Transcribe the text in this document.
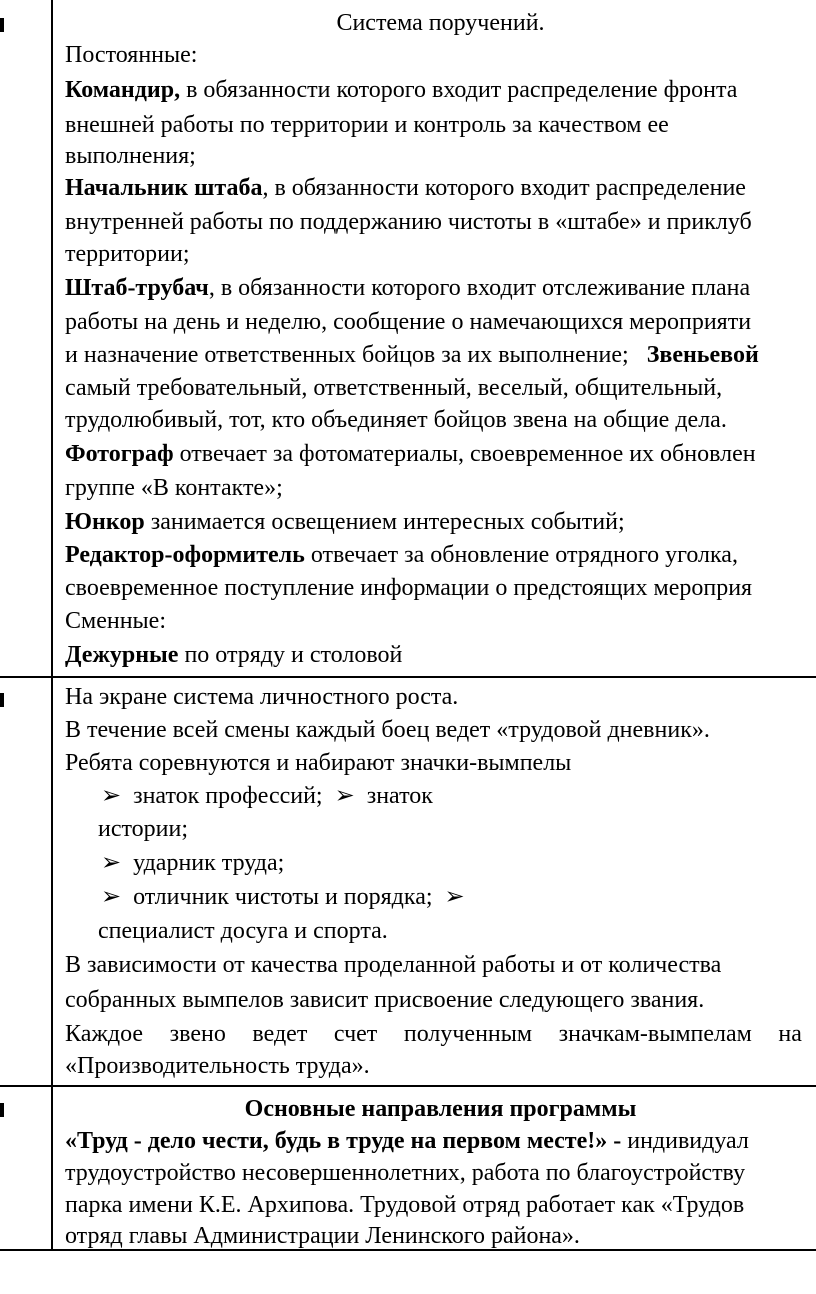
Система поручений.
Постоянные:
Командир, в обязанности которого входит распределение фронта
внешней работы по территории и контроль за качеством ее
выполнения;
Начальник штаба, в обязанности которого входит распределение
внутренней работы по поддержанию чистоты в «штабе» и приклуб
территории;
Штаб-трубач, в обязанности которого входит отслеживание плана
работы на день и неделю, сообщение о намечающихся мероприяти
и назначение ответственных бойцов за их выполнение;   Звеньевой
самый требовательный, ответственный, веселый, общительный,
трудолюбивый, тот, кто объединяет бойцов звена на общие дела.
Фотограф отвечает за фотоматериалы, своевременное их обновлен
группе «В контакте»;
Юнкор занимается освещением интересных событий;
Редактор-оформитель отвечает за обновление отрядного уголка,
своевременное поступление информации о предстоящих мероприя
Сменные:
Дежурные по отряду и столовой
На экране система личностного роста.
В течение всей смены каждый боец ведет «трудовой дневник».
Ребята соревнуются и набирают значки-вымпелы
➢ знаток профессий; ➢ знаток
истории;
➢ ударник труда;
➢ отличник чистоты и порядка; ➢
специалист досуга и спорта.
В зависимости от качества проделанной работы и от количества
собранных вымпелов зависит присвоение следующего звания.
Каждое звено ведет счет полученным значкам-вымпелам на
«Производительность труда».
Основные направления программы
«Труд - дело чести, будь в труде на первом месте!» - индивидуал
трудоустройство несовершеннолетних, работа по благоустройству
парка имени К.Е. Архипова. Трудовой отряд работает как «Трудов
отряд главы Администрации Ленинского района».
